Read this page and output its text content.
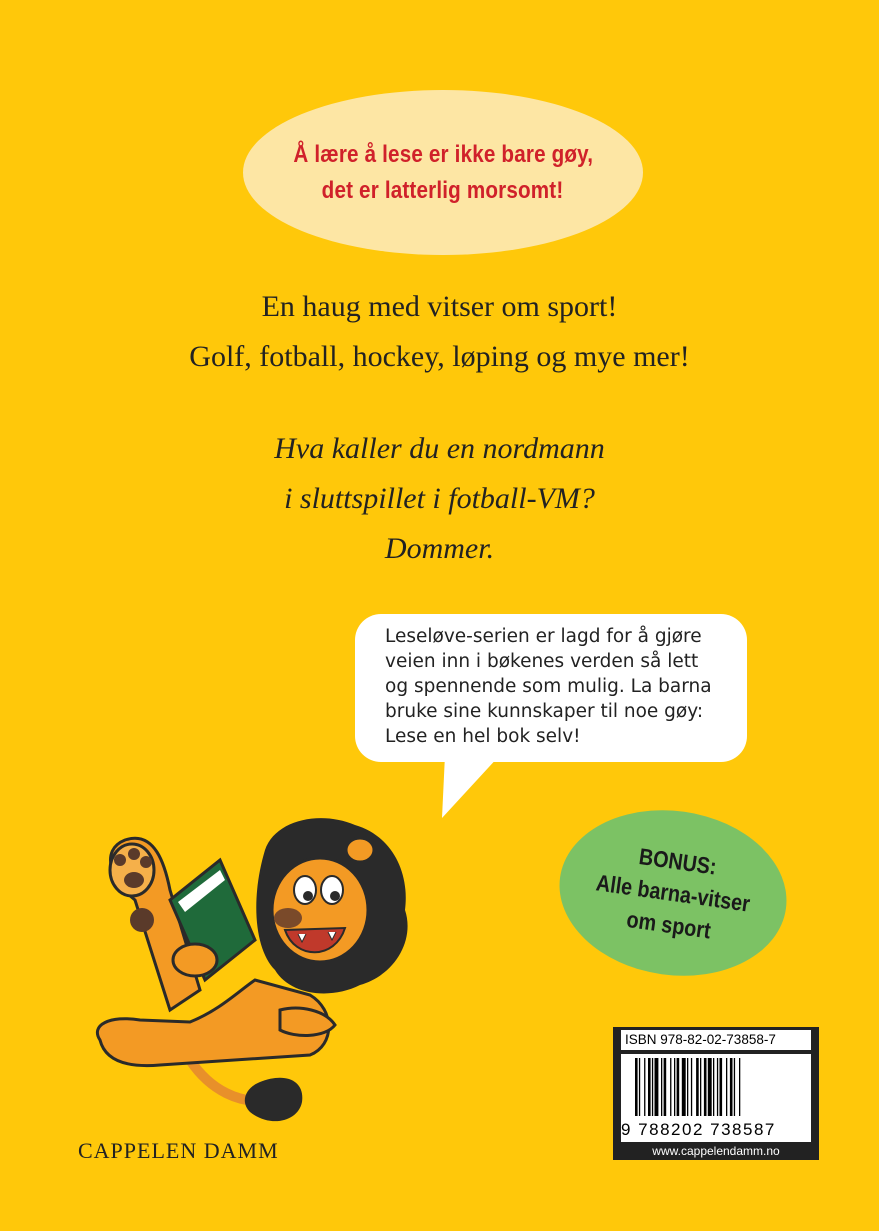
Å lære å lese er ikke bare gøy,
det er latterlig morsomt!
En haug med vitser om sport!
Golf, fotball, hockey, løping og mye mer!
Hva kaller du en nordmann
i sluttspillet i fotball-VM?
Dommer.
Leseløve-serien er lagd for å gjøre
veien inn i bøkenes verden så lett
og spennende som mulig. La barna
bruke sine kunnskaper til noe gøy:
Lese en hel bok selv!
BONUS:
Alle barna-vitser
om sport
CAPPELEN DAMM
ISBN 978-82-02-73858-7
9 788202 738587
www.cappelendamm.no
